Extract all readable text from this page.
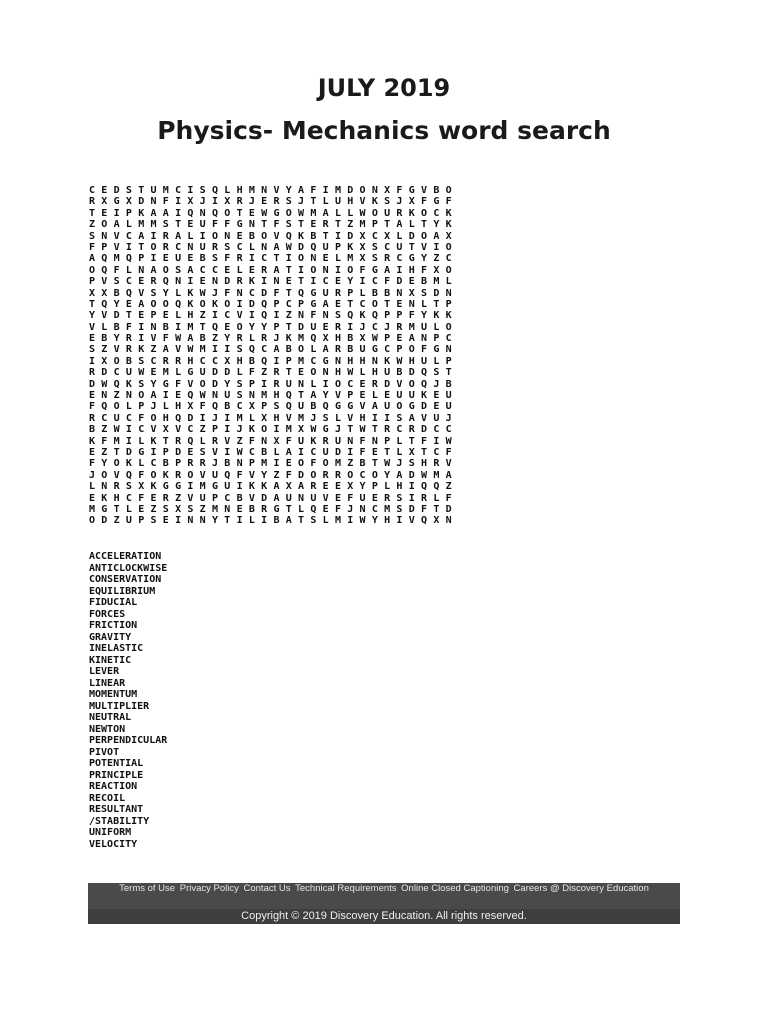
JULY 2019
Physics- Mechanics word search
C E D S T U M C I S Q L H M N V Y A F I M D O N X F G V B O
R X G X D N F I X J I X R J E R S J T L U H V K S J X F G F
T E I P K A A I Q N Q O T E W G O W M A L L W O U R K O C K
Z O A L M M S T E U F F G N T F S T E R T Z M P T A L T Y K
S N V C A I R A L I O N E B O V Q K B T I D X C X L D O A X
F P V I T O R C N U R S C L N A W D Q U P K X S C U T V I O
A Q M Q P I E U E B S F R I C T I O N E L M X S R C G Y Z C
O Q F L N A O S A C C E L E R A T I O N I O F G A I H F X O
P V S C E R Q N I E N D R K I N E T I C E Y I C F D E B M L
X X B Q V S Y L K W J F N C D F T Q G U R P L B B N X S D N
T Q Y E A O O Q K O K O I D Q P C P G A E T C O T E N L T P
Y V D T E P E L H Z I C V I Q I Z N F N S Q K Q P P F Y K K
V L B F I N B I M T Q E O Y Y P T D U E R I J C J R M U L O
E B Y R I V F W A B Z Y R L R J K M Q X H B X W P E A N P C
S Z V R K Z A V W M I I S Q C A B O L A R B U G C P O F G N
I X O B S C R R H C C X H B Q I P M C G N H H N K W H U L P
R D C U W E M L G U D D L F Z R T E O N H W L H U B D Q S T
D W Q K S Y G F V O D Y S P I R U N L I O C E R D V O Q J B
E N Z N O A I E Q W N U S N M H Q T A Y V P E L E U U K E U
F Q O L P J L H X F Q B C X P S Q U B Q G G V A U O G D E U
R C U C F O H Q D I J I M L X H V M J S L V H I I S A V U J
B Z W I C V X V C Z P I J K O I M X W G J T W T R C R D C C
K F M I L K T R Q L R V Z F N X F U K R U N F N P L T F I W
E Z T D G I P D E S V I W C B L A I C U D I F E T L X T C F
F Y O K L C B P R R J B N P M I E O F O M Z B T W J S H R V
J O V Q F O K R O V U Q F V Y Z F D O R R O C O Y A D W M A
L N R S X K G G I M G U I K K A X A R E E X Y P L H I Q Q Z
E K H C F E R Z V U P C B V D A U N U V E F U E R S I R L F
M G T L E Z S X S Z M N E B R G T L Q E F J N C M S D F T D
O D Z U P S E I N N Y T I L I B A T S L M I W Y H I V Q X N
ACCELERATION
ANTICLOCKWISE
CONSERVATION
EQUILIBRIUM
FIDUCIAL
FORCES
FRICTION
GRAVITY
INELASTIC
KINETIC
LEVER
LINEAR
MOMENTUM
MULTIPLIER
NEUTRAL
NEWTON
PERPENDICULAR
PIVOT
POTENTIAL
PRINCIPLE
REACTION
RECOIL
RESULTANT
/STABILITY
UNIFORM
VELOCITY
Terms of Use Privacy Policy Contact Us Technical Requirements Online Closed Captioning Careers @ Discovery Education
Copyright © 2019 Discovery Education. All rights reserved.
